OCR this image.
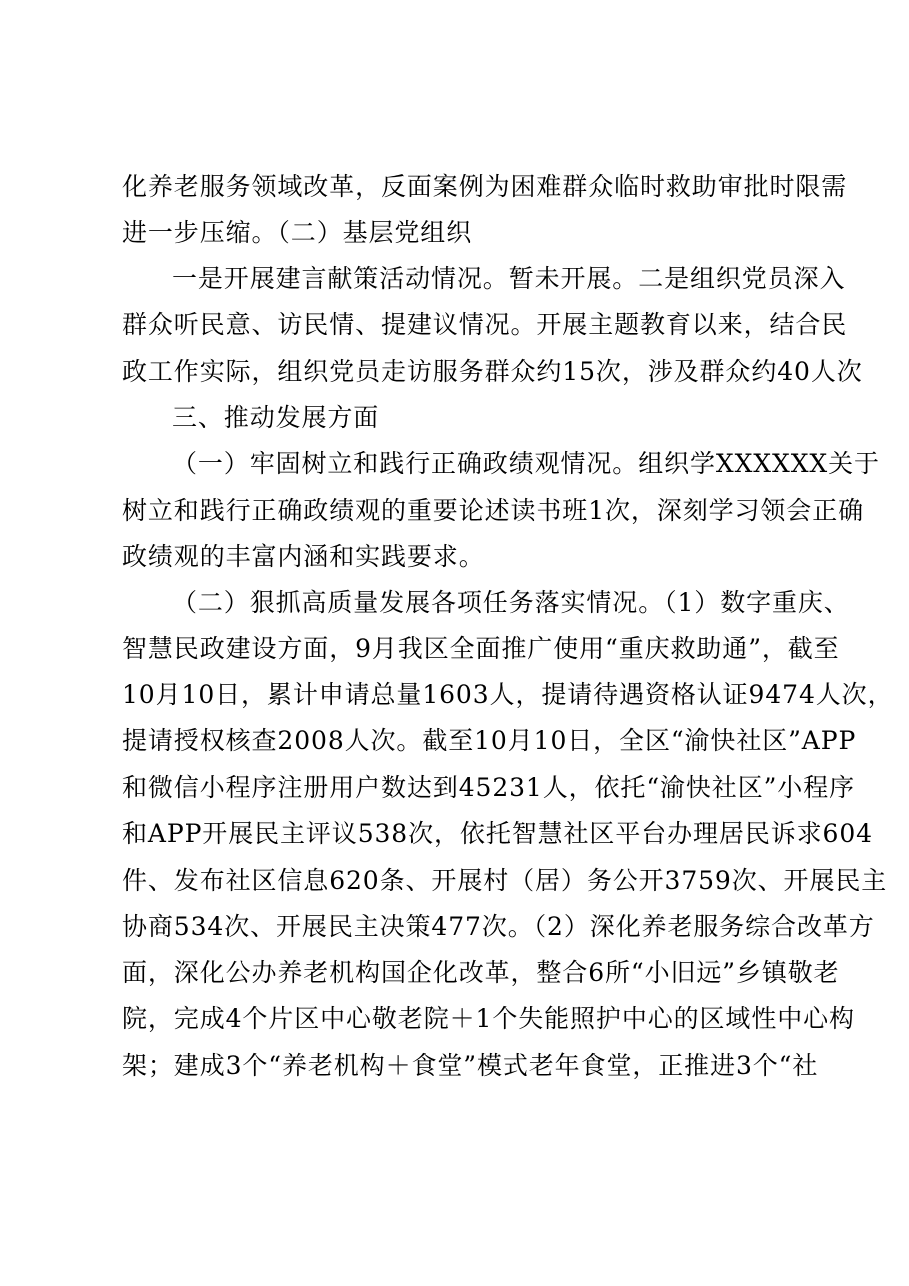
化养老服务领域改革，反面案例为困难群众临时救助审批时限需
进一步压缩。（二）基层党组织
一是开展建言献策活动情况。暂未开展。二是组织党员深入
群众听民意、访民情、提建议情况。开展主题教育以来，结合民
政工作实际，组织党员走访服务群众约15次，涉及群众约40人次
三、推动发展方面
（一）牢固树立和践行正确政绩观情况。组织学XXXXXX关于
树立和践行正确政绩观的重要论述读书班1次，深刻学习领会正确
政绩观的丰富内涵和实践要求。
（二）狠抓高质量发展各项任务落实情况。（1）数字重庆、
智慧民政建设方面，9月我区全面推广使用“重庆救助通”，截至
10月10日，累计申请总量1603人，提请待遇资格认证9474人次，
提请授权核查2008人次。截至10月10日，全区“渝快社区”APP
和微信小程序注册用户数达到45231人，依托“渝快社区”小程序
和APP开展民主评议538次，依托智慧社区平台办理居民诉求604
件、发布社区信息620条、开展村（居）务公开3759次、开展民主
协商534次、开展民主决策477次。（2）深化养老服务综合改革方
面，深化公办养老机构国企化改革，整合6所“小旧远”乡镇敬老
院，完成4个片区中心敬老院＋1个失能照护中心的区域性中心构
架；建成3个“养老机构＋食堂”模式老年食堂，正推进3个“社
